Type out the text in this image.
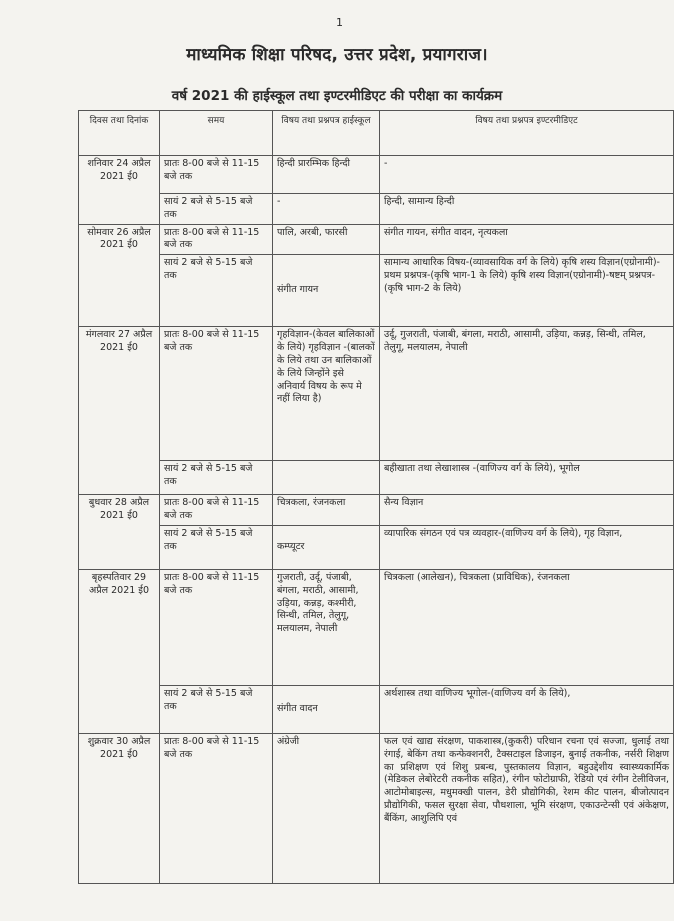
1
माध्यमिक शिक्षा परिषद, उत्तर प्रदेश, प्रयागराज।
वर्ष 2021 की हाईस्कूल तथा इण्टरमीडिएट की परीक्षा का कार्यक्रम
दिवस तथा दिनांक	समय	विषय तथा प्रश्नपत्र हाईस्कूल	विषय तथा प्रश्नपत्र इण्टरमीडिएट
शनिवार 24 अप्रैल 2021 ई0	प्रातः 8-00 बजे से 11-15 बजे तक	हिन्दी प्रारम्भिक हिन्दी	-
	सायं 2 बजे से 5-15 बजे तक	-	हिन्दी, सामान्य हिन्दी
सोमवार 26 अप्रैल 2021 ई0	प्रातः 8-00 बजे से 11-15 बजे तक	पालि, अरबी, फारसी	संगीत गायन, संगीत वादन, नृत्यकला
	सायं 2 बजे से 5-15 बजे तक	संगीत गायन	सामान्य आधारिक विषय-(व्यावसायिक वर्ग के लिये) कृषि शस्य विज्ञान(एग्रोनामी)-प्रथम प्रश्नपत्र-(कृषि भाग-1 के लिये) कृषि शस्य विज्ञान(एग्रोनामी)-षष्टम् प्रश्नपत्र-(कृषि भाग-2 के लिये)
मंगलवार 27 अप्रैल 2021 ई0	प्रातः 8-00 बजे से 11-15 बजे तक	गृहविज्ञान-(केवल बालिकाओं के लिये) गृहविज्ञान -(बालकों के लिये तथा उन बालिकाओं के लिये जिन्होंने इसे अनिवार्य विषय के रूप मे नहीं लिया है)	उर्दू, गुजराती, पंजाबी, बंगला, मराठी, आसामी, उड़िया, कन्नड़, सिन्धी, तमिल, तेलुगू, मलयालम, नेपाली
	सायं 2 बजे से 5-15 बजे तक		बहीखाता तथा लेखाशास्त्र -(वाणिज्य वर्ग के लिये), भूगोल
बुधवार 28 अप्रैल 2021 ई0	प्रातः 8-00 बजे से 11-15 बजे तक	चित्रकला, रंजनकला	सैन्य विज्ञान
	सायं 2 बजे से 5-15 बजे तक	कम्प्यूटर	व्यापारिक संगठन एवं पत्र व्यवहार-(वाणिज्य वर्ग के लिये), गृह विज्ञान,
बृहस्पतिवार 29 अप्रैल 2021 ई0	प्रातः 8-00 बजे से 11-15 बजे तक	गुजराती, उर्दू, पंजाबी, बंगला, मराठी, आसामी, उड़िया, कन्नड़, कश्मीरी, सिन्धी, तमिल, तेलुगू, मलयालम, नेपाली	चित्रकला (आलेखन), चित्रकला (प्राविधिक), रंजनकला
	सायं 2 बजे से 5-15 बजे तक	संगीत वादन	अर्थशास्त्र तथा वाणिज्य भूगोल-(वाणिज्य वर्ग के लिये),
शुक्रवार 30 अप्रैल 2021 ई0	प्रातः 8-00 बजे से 11-15 बजे तक	अंग्रेजी	फल एवं खाद्य संरक्षण, पाकशास्त्र,(कुकरी) परिधान रचना एवं सज्जा, धुलाई तथा रंगाई, बेकिंग तथा कन्फेक्शनरी, टैक्सटाइल डिजाइन, बुनाई तकनीक, नर्सरी शिक्षण का प्रशिक्षण एवं शिशु प्रबन्ध, पुस्तकालय विज्ञान, बहुउद्देशीय स्वास्थ्यकार्मिक (मेडिकल लेबोरेटरी तकनीक सहित), रंगीन फोटोग्राफी, रेडियो एवं रंगीन टेलीविजन, आटोमोबाइल्स, मधुमक्खी पालन, डेरी प्रौद्योगिकी, रेशम कीट पालन, बीजोत्पादन प्रौद्योगिकी, फसल सुरक्षा सेवा, पौधशाला, भूमि संरक्षण, एकाउन्टेन्सी एवं अंकेक्षण, बैंकिंग, आशुलिपि एवं
